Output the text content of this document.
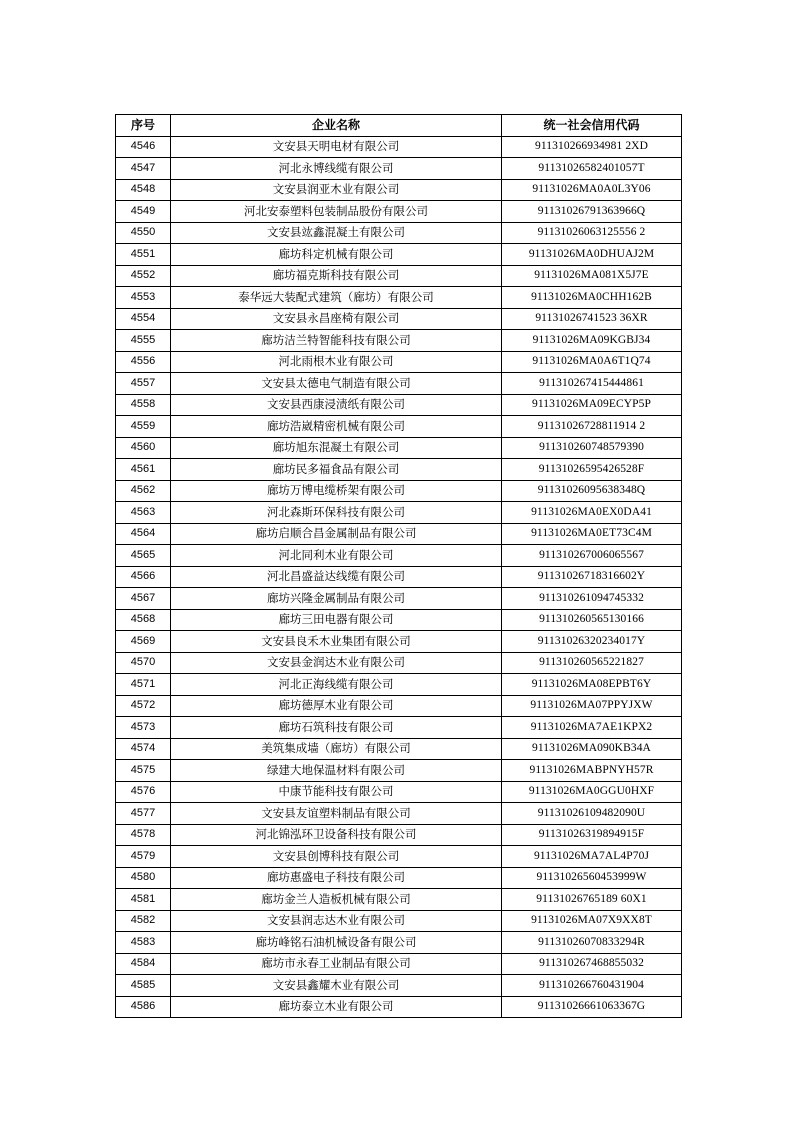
序号	企业名称	统一社会信用代码
4546	文安县天明电材有限公司	911310266934981 2XD
4547	河北永博线缆有限公司	91131026582401057T
4548	文安县润亚木业有限公司	91131026MA0A0L3Y06
4549	河北安泰塑料包装制品股份有限公司	91131026791363966Q
4550	文安县竑鑫混凝土有限公司	91131026063125556 2
4551	廊坊科定机械有限公司	91131026MA0DHUAJ2M
4552	廊坊福克斯科技有限公司	91131026MA081X5J7E
4553	泰华远大装配式建筑（廊坊）有限公司	91131026MA0CHH162B
4554	文安县永昌座椅有限公司	91131026741523 36XR
4555	廊坊洁兰特智能科技有限公司	91131026MA09KGBJ34
4556	河北雨根木业有限公司	91131026MA0A6T1Q74
4557	文安县太德电气制造有限公司	911310267415444861
4558	文安县西康浸渍纸有限公司	91131026MA09ECYP5P
4559	廊坊浩崴精密机械有限公司	91131026728811914 2
4560	廊坊旭东混凝土有限公司	911310260748579390
4561	廊坊民多福食品有限公司	91131026595426528F
4562	廊坊万博电缆桥架有限公司	91131026095638348Q
4563	河北森斯环保科技有限公司	91131026MA0EX0DA41
4564	廊坊启顺合昌金属制品有限公司	91131026MA0ET73C4M
4565	河北同利木业有限公司	911310267006065567
4566	河北昌盛益达线缆有限公司	91131026718316602Y
4567	廊坊兴隆金属制品有限公司	911310261094745332
4568	廊坊三田电器有限公司	911310260565130166
4569	文安县良禾木业集团有限公司	91131026320234017Y
4570	文安县金润达木业有限公司	911310260565221827
4571	河北正海线缆有限公司	91131026MA08EPBT6Y
4572	廊坊德厚木业有限公司	91131026MA07PPYJXW
4573	廊坊石筑科技有限公司	91131026MA7AE1KPX2
4574	美筑集成墙（廊坊）有限公司	91131026MA090KB34A
4575	绿建大地保温材料有限公司	91131026MABPNYH57R
4576	中康节能科技有限公司	91131026MA0GGU0HXF
4577	文安县友谊塑料制品有限公司	91131026109482090U
4578	河北锦泓环卫设备科技有限公司	91131026319894915F
4579	文安县创博科技有限公司	91131026MA7AL4P70J
4580	廊坊惠盛电子科技有限公司	91131026560453999W
4581	廊坊金兰人造板机械有限公司	91131026765189 60X1
4582	文安县润志达木业有限公司	91131026MA07X9XX8T
4583	廊坊峰铭石油机械设备有限公司	91131026070833294R
4584	廊坊市永春工业制品有限公司	911310267468855032
4585	文安县鑫耀木业有限公司	911310266760431904
4586	廊坊泰立木业有限公司	91131026661063367G
